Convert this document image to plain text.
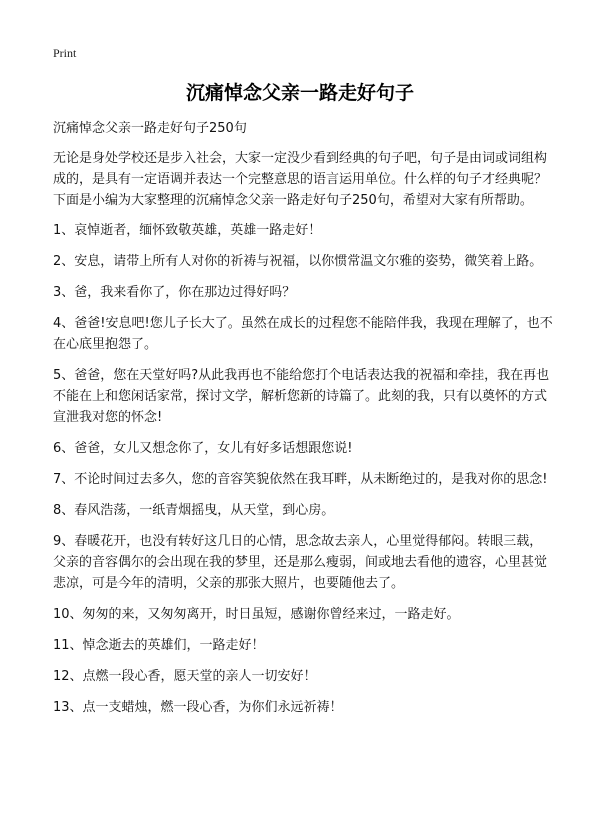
Print
沉痛悼念父亲一路走好句子

沉痛悼念父亲一路走好句子250句

无论是身处学校还是步入社会，大家一定没少看到经典的句子吧，句子是由词或词组构成的，是具有一定语调并表达一个完整意思的语言运用单位。什么样的句子才经典呢？下面是小编为大家整理的沉痛悼念父亲一路走好句子250句，希望对大家有所帮助。

1、哀悼逝者，缅怀致敬英雄，英雄一路走好！

2、安息，请带上所有人对你的祈祷与祝福，以你惯常温文尔雅的姿势，微笑着上路。

3、爸，我来看你了，你在那边过得好吗？

4、爸爸!安息吧!您儿子长大了。虽然在成长的过程您不能陪伴我，我现在理解了，也不在心底里抱怨了。

5、爸爸，您在天堂好吗?从此我再也不能给您打个电话表达我的祝福和牵挂，我在再也不能在上和您闲话家常，探讨文学，解析您新的诗篇了。此刻的我，只有以奠怀的方式宣泄我对您的怀念!

6、爸爸，女儿又想念你了，女儿有好多话想跟您说!

7、不论时间过去多久，您的音容笑貌依然在我耳畔，从未断绝过的，是我对你的思念!

8、春风浩荡，一纸青烟摇曳，从天堂，到心房。

9、春暖花开，也没有转好这几日的心情，思念故去亲人，心里觉得郁闷。转眼三载，父亲的音容偶尔的会出现在我的梦里，还是那么瘦弱，间或地去看他的遗容，心里甚觉悲凉，可是今年的清明，父亲的那张大照片，也要随他去了。

10、匆匆的来，又匆匆离开，时日虽短，感谢你曾经来过，一路走好。

11、悼念逝去的英雄们，一路走好！

12、点燃一段心香，愿天堂的亲人一切安好！

13、点一支蜡烛，燃一段心香，为你们永远祈祷！
